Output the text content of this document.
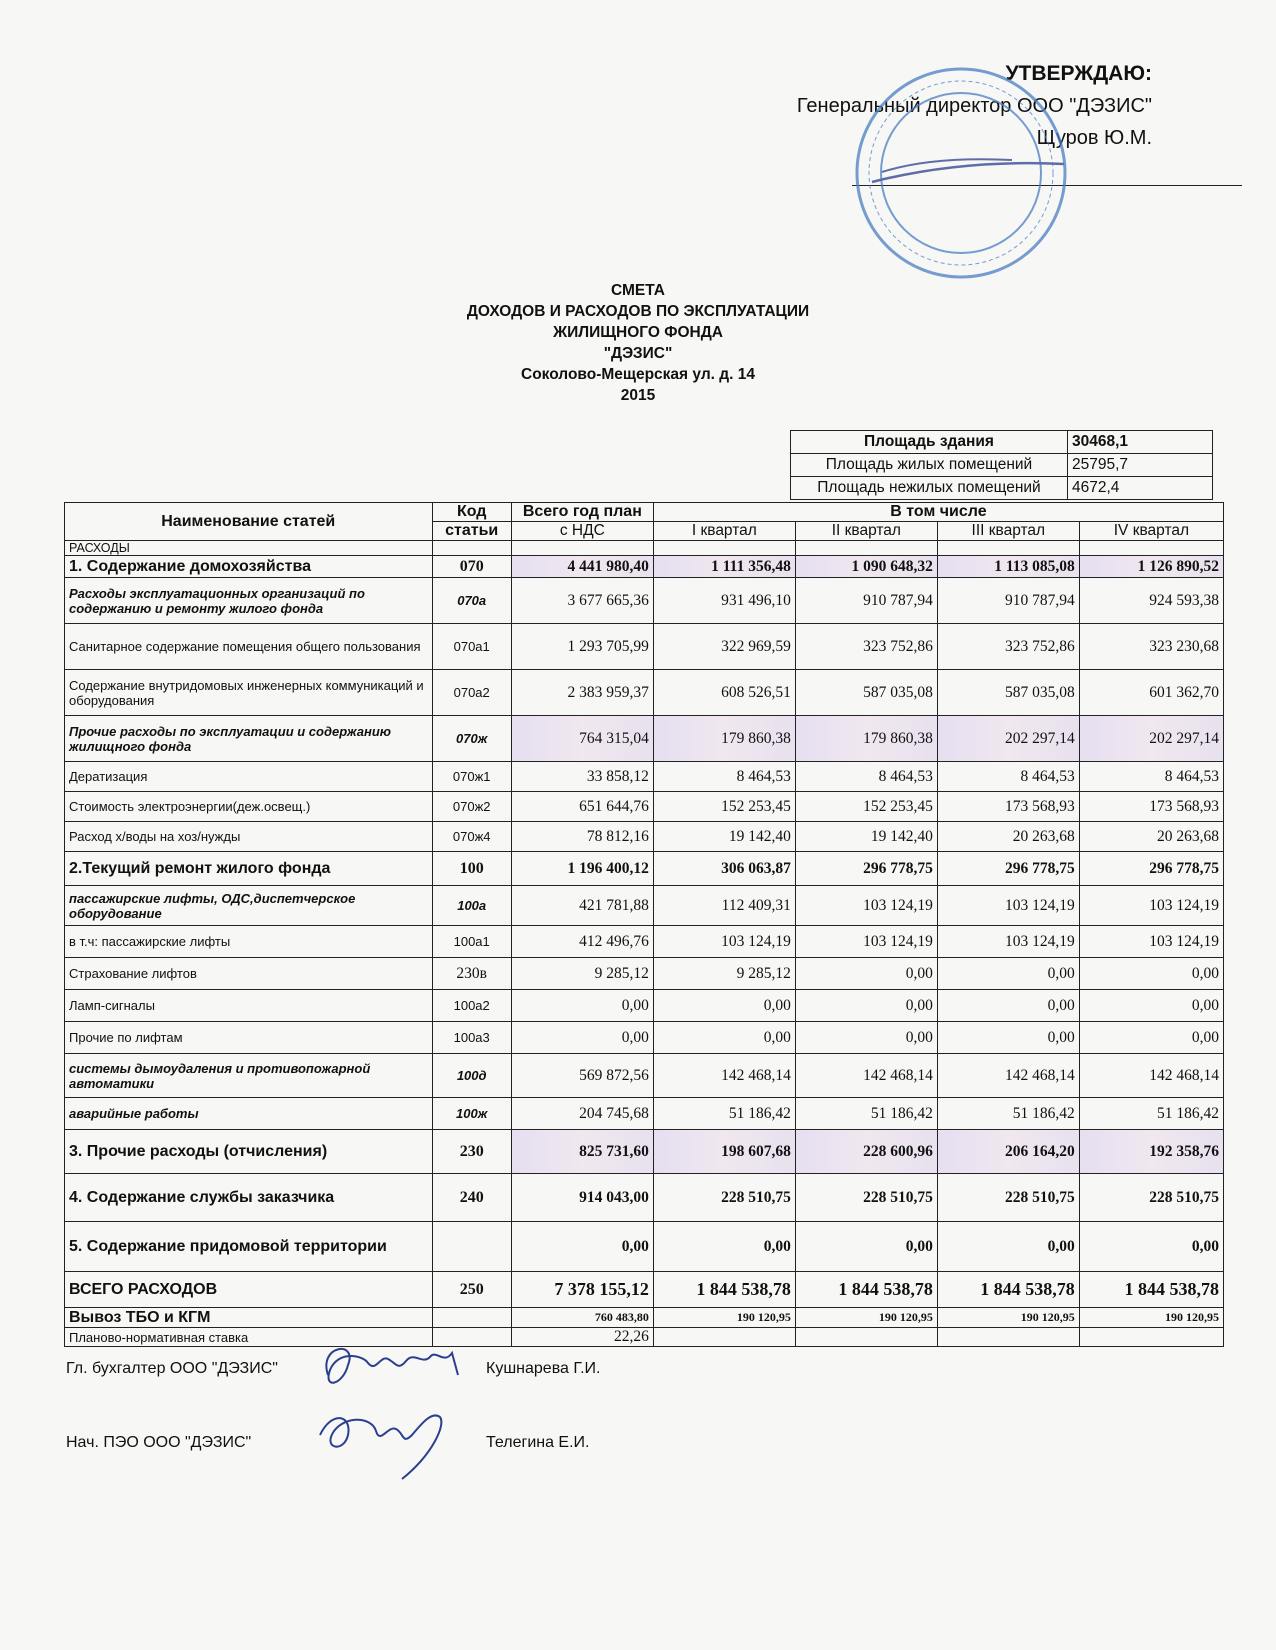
УТВЕРЖДАЮ:
Генеральный директор ООО "ДЭЗИС"
Щуров Ю.М.
СМЕТА
ДОХОДОВ И РАСХОДОВ ПО ЭКСПЛУАТАЦИИ
ЖИЛИЩНОГО ФОНДА
"ДЭЗИС"
Соколово-Мещерская ул. д. 14
2015
Площадь здания	30468,1
Площадь жилых помещений	25795,7
Площадь нежилых помещений	4672,4
Наименование статей	Код	Всего год план	В том числе			
	статьи	с НДС	I квартал	II квартал	III квартал	IV квартал
РАСХОДЫ						
1. Содержание домохозяйства	070	4 441 980,40	1 111 356,48	1 090 648,32	1 113 085,08	1 126 890,52
Расходы эксплуатационных организаций по содержанию и ремонту жилого фонда	070а	3 677 665,36	931 496,10	910 787,94	910 787,94	924 593,38
Санитарное содержание помещения общего пользования	070а1	1 293 705,99	322 969,59	323 752,86	323 752,86	323 230,68
Содержание внутридомовых инженерных коммуникаций и оборудования	070а2	2 383 959,37	608 526,51	587 035,08	587 035,08	601 362,70
Прочие расходы по эксплуатации и содержанию жилищного фонда	070ж	764 315,04	179 860,38	179 860,38	202 297,14	202 297,14
Дератизация	070ж1	33 858,12	8 464,53	8 464,53	8 464,53	8 464,53
Стоимость электроэнергии(деж.освещ.)	070ж2	651 644,76	152 253,45	152 253,45	173 568,93	173 568,93
Расход х/воды на хоз/нужды	070ж4	78 812,16	19 142,40	19 142,40	20 263,68	20 263,68
2.Текущий ремонт жилого фонда	100	1 196 400,12	306 063,87	296 778,75	296 778,75	296 778,75
пассажирские лифты, ОДС,диспетчерское оборудование	100а	421 781,88	112 409,31	103 124,19	103 124,19	103 124,19
в т.ч: пассажирские лифты	100а1	412 496,76	103 124,19	103 124,19	103 124,19	103 124,19
Страхование лифтов	230в	9 285,12	9 285,12	0,00	0,00	0,00
Ламп-сигналы	100а2	0,00	0,00	0,00	0,00	0,00
Прочие по лифтам	100а3	0,00	0,00	0,00	0,00	0,00
системы дымоудаления и противопожарной автоматики	100д	569 872,56	142 468,14	142 468,14	142 468,14	142 468,14
аварийные работы	100ж	204 745,68	51 186,42	51 186,42	51 186,42	51 186,42
3. Прочие расходы (отчисления)	230	825 731,60	198 607,68	228 600,96	206 164,20	192 358,76
4. Содержание службы заказчика	240	914 043,00	228 510,75	228 510,75	228 510,75	228 510,75
5. Содержание придомовой территории		0,00	0,00	0,00	0,00	0,00
ВСЕГО РАСХОДОВ	250	7 378 155,12	1 844 538,78	1 844 538,78	1 844 538,78	1 844 538,78
Вывоз ТБО и КГМ		760 483,80	190 120,95	190 120,95	190 120,95	190 120,95
Планово-нормативная ставка		22,26				
Гл. бухгалтер ООО "ДЭЗИС"	Кушнарева Г.И.
Нач. ПЭО ООО "ДЭЗИС"	Телегина Е.И.
